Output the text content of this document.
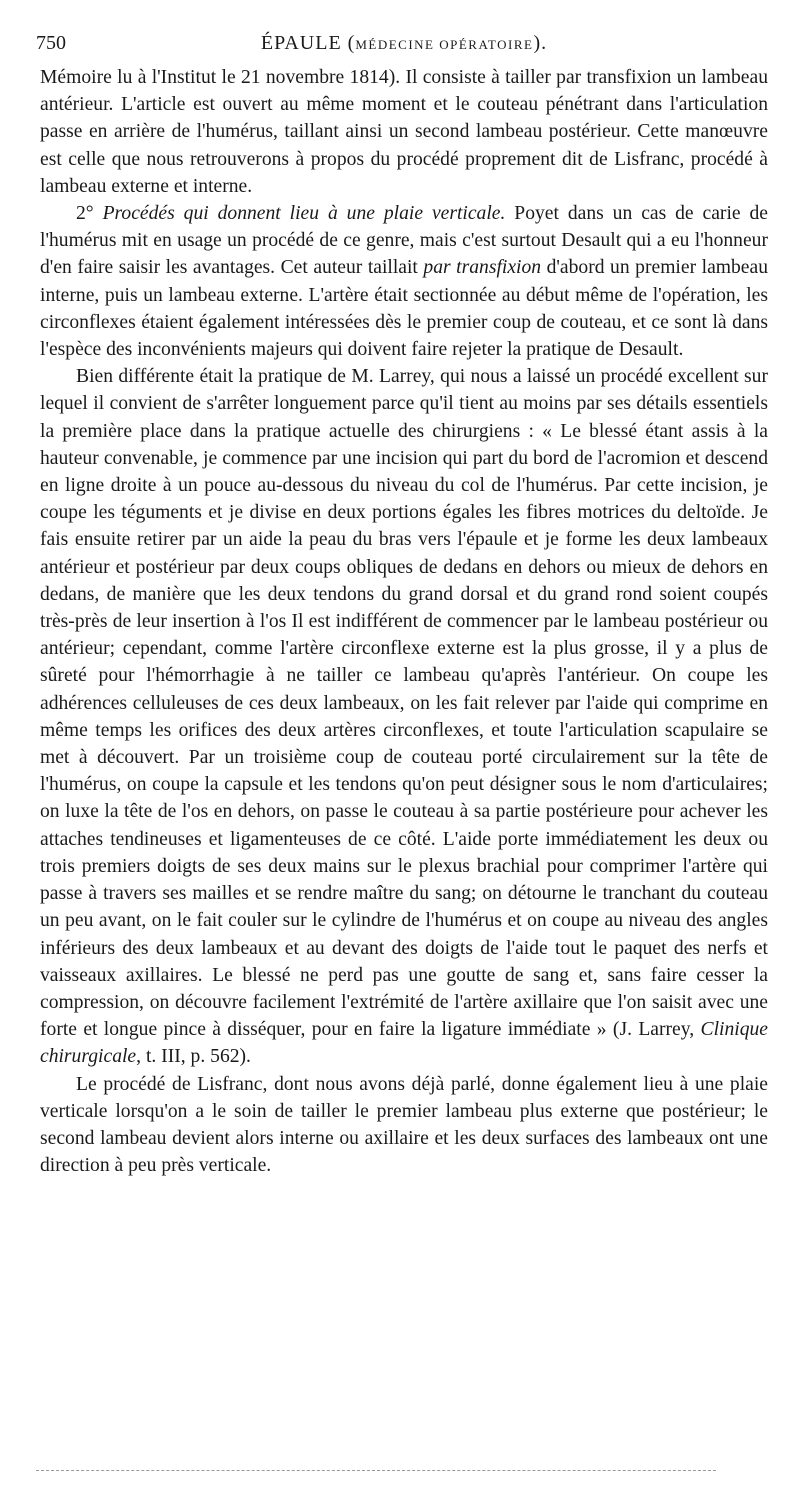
750	ÉPAULE (MÉDECINE OPÉRATOIRE).

Mémoire lu à l'Institut le 21 novembre 1814). Il consiste à tailler par transfixion un lambeau antérieur. L'article est ouvert au même moment et le couteau pénétrant dans l'articulation passe en arrière de l'humérus, taillant ainsi un second lambeau postérieur. Cette manœuvre est celle que nous retrouverons à propos du procédé proprement dit de Lisfranc, procédé à lambeau externe et interne.

2° Procédés qui donnent lieu à une plaie verticale. Poyet dans un cas de carie de l'humérus mit en usage un procédé de ce genre, mais c'est surtout Desault qui a eu l'honneur d'en faire saisir les avantages. Cet auteur taillait par transfixion d'abord un premier lambeau interne, puis un lambeau externe. L'artère était sectionnée au début même de l'opération, les circonflexes étaient également intéressées dès le premier coup de couteau, et ce sont là dans l'espèce des inconvénients majeurs qui doivent faire rejeter la pratique de Desault.

Bien différente était la pratique de M. Larrey, qui nous a laissé un procédé excellent sur lequel il convient de s'arrêter longuement parce qu'il tient au moins par ses détails essentiels la première place dans la pratique actuelle des chirurgiens : « Le blessé étant assis à la hauteur convenable, je commence par une incision qui part du bord de l'acromion et descend en ligne droite à un pouce au-dessous du niveau du col de l'humérus. Par cette incision, je coupe les téguments et je divise en deux portions égales les fibres motrices du deltoïde. Je fais ensuite retirer par un aide la peau du bras vers l'épaule et je forme les deux lambeaux antérieur et postérieur par deux coups obliques de dedans en dehors ou mieux de dehors en dedans, de manière que les deux tendons du grand dorsal et du grand rond soient coupés très-près de leur insertion à l'os Il est indifférent de commencer par le lambeau postérieur ou antérieur; cependant, comme l'artère circonflexe externe est la plus grosse, il y a plus de sûreté pour l'hémorrhagie à ne tailler ce lambeau qu'après l'antérieur. On coupe les adhérences celluleuses de ces deux lambeaux, on les fait relever par l'aide qui comprime en même temps les orifices des deux artères circonflexes, et toute l'articulation scapulaire se met à découvert. Par un troisième coup de couteau porté circulairement sur la tête de l'humérus, on coupe la capsule et les tendons qu'on peut désigner sous le nom d'articulaires; on luxe la tête de l'os en dehors, on passe le couteau à sa partie postérieure pour achever les attaches tendineuses et ligamenteuses de ce côté. L'aide porte immédiatement les deux ou trois premiers doigts de ses deux mains sur le plexus brachial pour comprimer l'artère qui passe à travers ses mailles et se rendre maître du sang; on détourne le tranchant du couteau un peu avant, on le fait couler sur le cylindre de l'humérus et on coupe au niveau des angles inférieurs des deux lambeaux et au devant des doigts de l'aide tout le paquet des nerfs et vaisseaux axillaires. Le blessé ne perd pas une goutte de sang et, sans faire cesser la compression, on découvre facilement l'extrémité de l'artère axillaire que l'on saisit avec une forte et longue pince à disséquer, pour en faire la ligature immédiate » (J. Larrey, Clinique chirurgicale, t. III, p. 562).

Le procédé de Lisfranc, dont nous avons déjà parlé, donne également lieu à une plaie verticale lorsqu'on a le soin de tailler le premier lambeau plus externe que postérieur; le second lambeau devient alors interne ou axillaire et les deux surfaces des lambeaux ont une direction à peu près verticale.
